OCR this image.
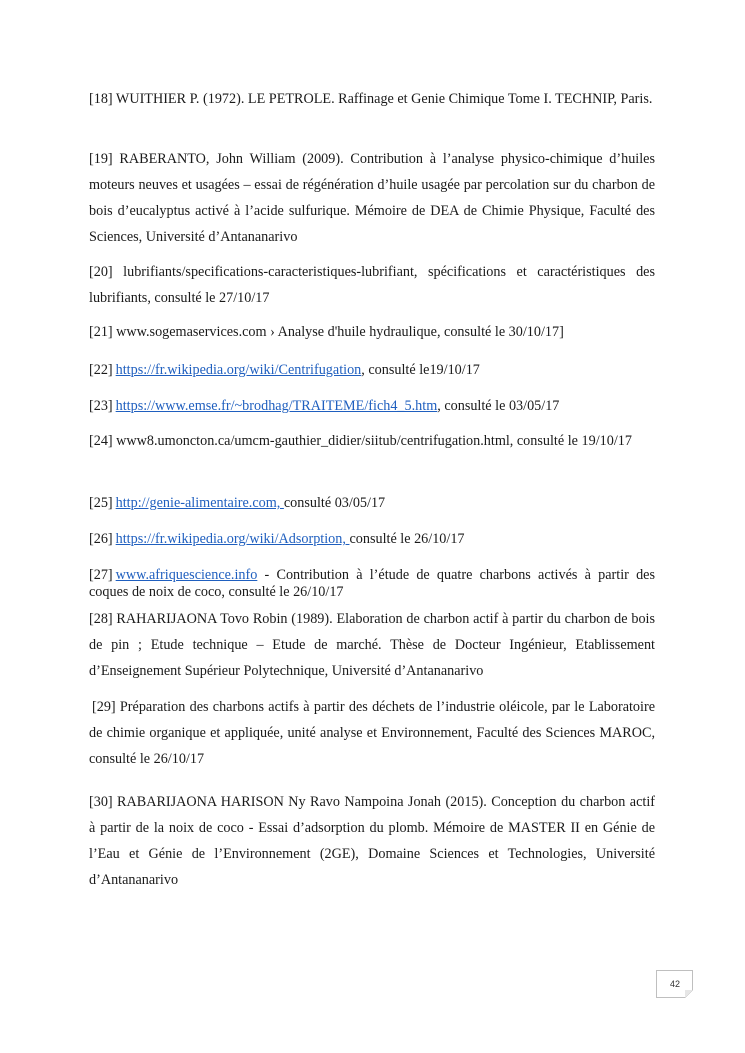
[18] WUITHIER P. (1972). LE PETROLE. Raffinage et Genie Chimique Tome I. TECHNIP, Paris.

[19] RABERANTO, John William (2009). Contribution à l’analyse physico-chimique d’huiles moteurs neuves et usagées – essai de régénération d’huile usagée par percolation sur du charbon de bois d’eucalyptus activé à l’acide sulfurique. Mémoire de DEA de Chimie Physique, Faculté des Sciences, Université d’Antananarivo

[20] lubrifiants/specifications-caracteristiques-lubrifiant, spécifications et caractéristiques des lubrifiants, consulté le 27/10/17

[21] www.sogemaservices.com › Analyse d'huile hydraulique, consulté le 30/10/17]

[22] https://fr.wikipedia.org/wiki/Centrifugation, consulté le19/10/17

[23] https://www.emse.fr/~brodhag/TRAITEME/fich4_5.htm, consulté le 03/05/17

[24] www8.umoncton.ca/umcm-gauthier_didier/siitub/centrifugation.html, consulté le 19/10/17

[25] http://genie-alimentaire.com, consulté 03/05/17

[26] https://fr.wikipedia.org/wiki/Adsorption, consulté le 26/10/17

[27] www.afriquescience.info - Contribution à l’étude de quatre charbons activés à partir des coques de noix de coco, consulté le 26/10/17

[28] RAHARIJAONA Tovo Robin (1989). Elaboration de charbon actif à partir du charbon de bois de pin ; Etude technique – Etude de marché. Thèse de Docteur Ingénieur, Etablissement d’Enseignement Supérieur Polytechnique, Université d’Antananarivo

[29] Préparation des charbons actifs à partir des déchets de l’industrie oléicole, par le Laboratoire de chimie organique et appliquée, unité analyse et Environnement, Faculté des Sciences MAROC, consulté le 26/10/17

[30] RABARIJAONA HARISON Ny Ravo Nampoina Jonah (2015). Conception du charbon actif à partir de la noix de coco - Essai d’adsorption du plomb. Mémoire de MASTER II en Génie de l’Eau et Génie de l’Environnement (2GE), Domaine Sciences et Technologies, Université d’Antananarivo

42
